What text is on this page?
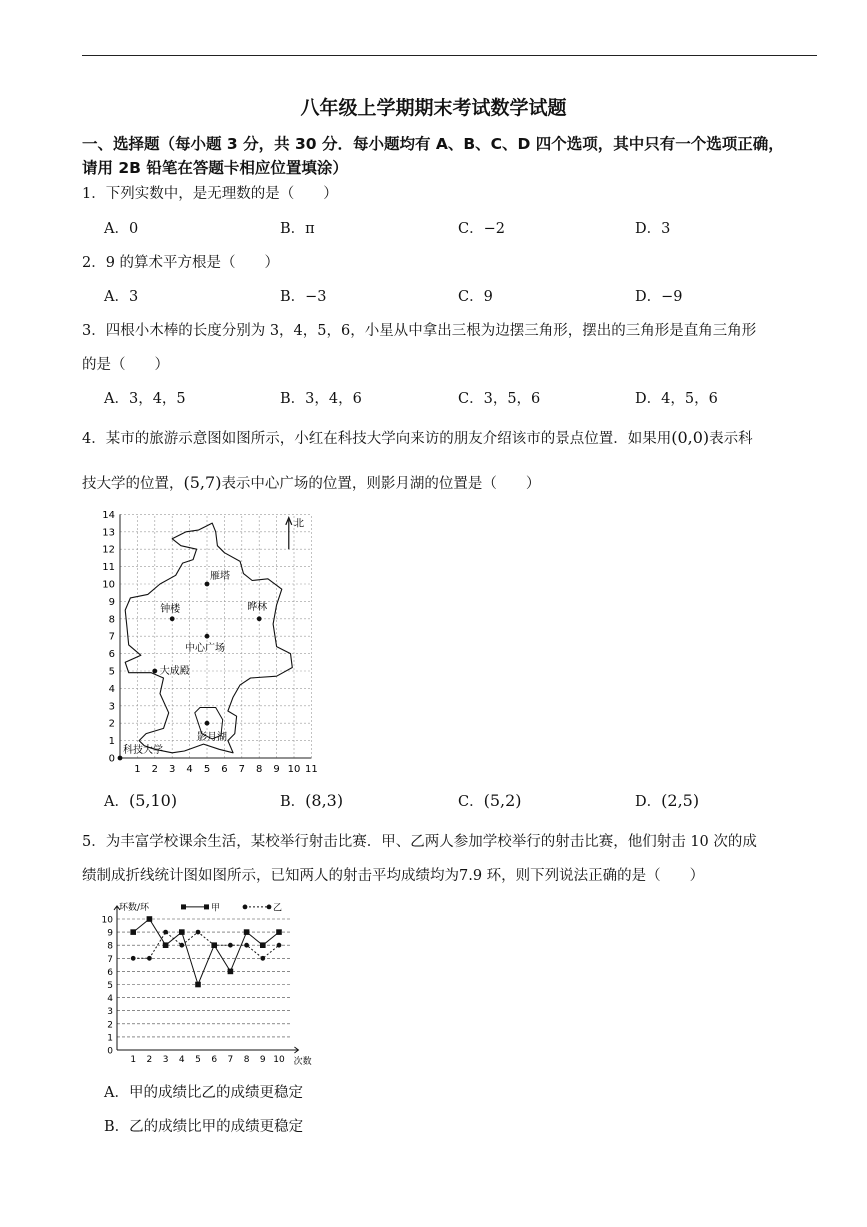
八年级上学期期末考试数学试题
一、选择题（每小题 3 分，共 30 分．每小题均有 A、B、C、D 四个选项，其中只有一个选项正确，
请用 2B 铅笔在答题卡相应位置填涂）
1．下列实数中，是无理数的是（　　）
A．0	B．π	C．−2	D．3
2．9 的算术平方根是（　　）
A．3	B．−3	C．9	D．−9
3．四根小木棒的长度分别为 3，4，5，6，小星从中拿出三根为边摆三角形，摆出的三角形是直角三角形
的是（　　）
A．3，4，5	B．3，4，6	C．3，5，6	D．4，5，6
4．某市的旅游示意图如图所示，小红在科技大学向来访的朋友介绍该市的景点位置．如果用(0,0)表示科
技大学的位置，(5,7)表示中心广场的位置，则影月湖的位置是（　　）
1 2 3 4 5 6 7 8 9 10 11
1
2
3
4
5
6
7
8
9
10
11
12
13
14
0
北
雁塔
钟楼	晔林
中心广场
大成殿
影月湖
科技大学
A．(5,10)	B．(8,3)	C．(5,2)	D．(2,5)
5．为丰富学校课余生活，某校举行射击比赛．甲、乙两人参加学校举行的射击比赛，他们射击 10 次的成
绩制成折线统计图如图所示，已知两人的射击平均成绩均为7.9 环，则下列说法正确的是（　　）
0
1
2
3
4
5
6
7
8
9
10
1 2 3 4 5 6 7 8 9 10
环数/环
次数
甲	乙
A．甲的成绩比乙的成绩更稳定
B．乙的成绩比甲的成绩更稳定
